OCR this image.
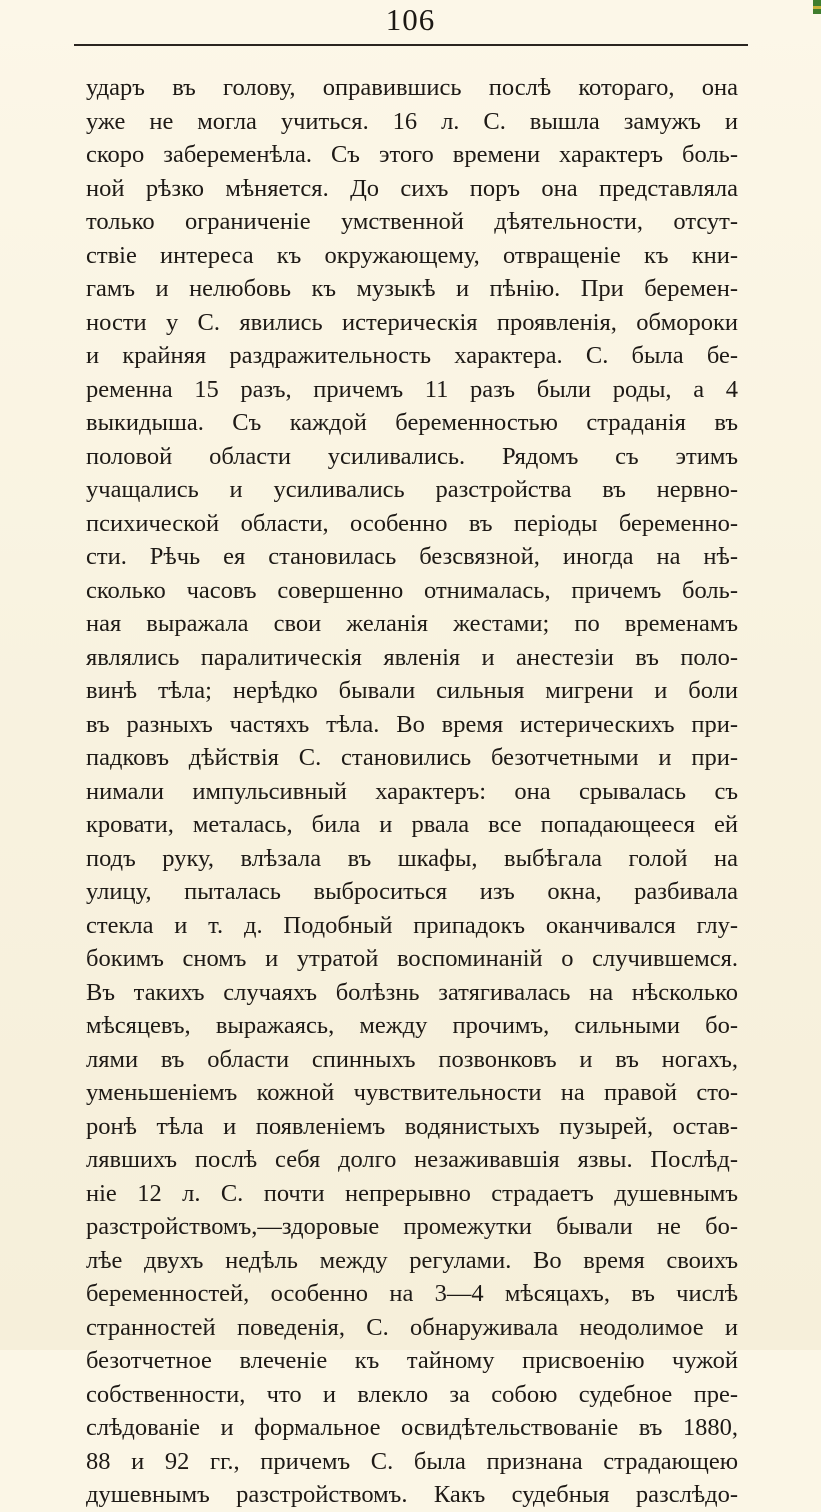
106
ударъ въ голову, оправившись послѣ котораго, она
уже не могла учиться. 16 л. С. вышла замужъ и
скоро забеременѣла. Съ этого времени характеръ боль-
ной рѣзко мѣняется. До сихъ поръ она представляла
только ограниченіе умственной дѣятельности, отсут-
ствіе интереса къ окружающему, отвращеніе къ кни-
гамъ и нелюбовь къ музыкѣ и пѣнію. При беремен-
ности у С. явились истерическія проявленія, обмороки
и крайняя раздражительность характера. С. была бе-
ременна 15 разъ, причемъ 11 разъ были роды, а 4
выкидыша. Съ каждой беременностью страданія въ
половой области усиливались. Рядомъ съ этимъ
учащались и усиливались разстройства въ нервно-
психической области, особенно въ періоды беременно-
сти. Рѣчь ея становилась безсвязной, иногда на нѣ-
сколько часовъ совершенно отнималась, причемъ боль-
ная выражала свои желанія жестами; по временамъ
являлись паралитическія явленія и анестезіи въ поло-
винѣ тѣла; нерѣдко бывали сильныя мигрени и боли
въ разныхъ частяхъ тѣла. Во время истерическихъ при-
падковъ дѣйствія С. становились безотчетными и при-
нимали импульсивный характеръ: она срывалась съ
кровати, металась, била и рвала все попадающееся ей
подъ руку, влѣзала въ шкафы, выбѣгала голой на
улицу, пыталась выброситься изъ окна, разбивала
стекла и т. д. Подобный припадокъ оканчивался глу-
бокимъ сномъ и утратой воспоминаній о случившемся.
Въ такихъ случаяхъ болѣзнь затягивалась на нѣсколько
мѣсяцевъ, выражаясь, между прочимъ, сильными бо-
лями въ области спинныхъ позвонковъ и въ ногахъ,
уменьшеніемъ кожной чувствительности на правой сто-
ронѣ тѣла и появленіемъ водянистыхъ пузырей, остав-
лявшихъ послѣ себя долго незаживавшія язвы. Послѣд-
ніе 12 л. С. почти непрерывно страдаетъ душевнымъ
разстройствомъ,—здоровые промежутки бывали не бо-
лѣе двухъ недѣль между регулами. Во время своихъ
беременностей, особенно на 3—4 мѣсяцахъ, въ числѣ
странностей поведенія, С. обнаруживала неодолимое и
безотчетное влеченіе къ тайному присвоенію чужой
собственности, что и влекло за собою судебное пре-
слѣдованіе и формальное освидѣтельствованіе въ 1880,
88 и 92 гг., причемъ С. была признана страдающею
душевнымъ разстройствомъ. Какъ судебныя разслѣдо-
